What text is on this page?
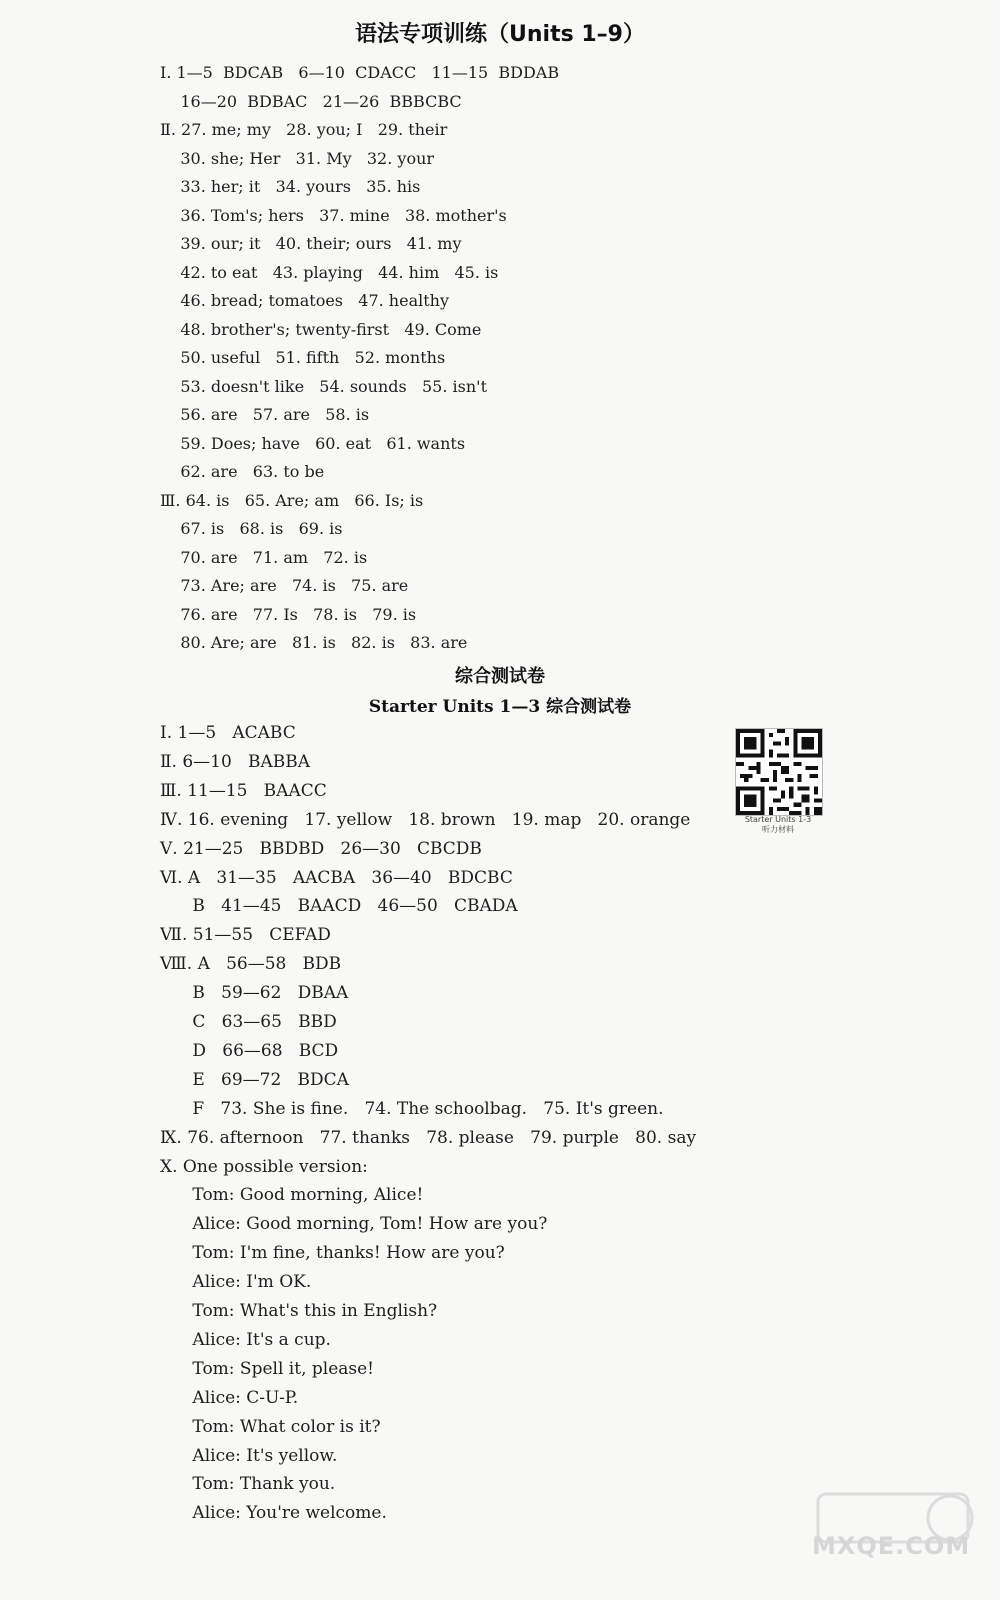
语法专项训练（Units 1–9）
Ⅰ. 1—5  BDCAB   6—10  CDACC   11—15  BDDAB
16—20  BDBAC   21—26  BBBCBC
Ⅱ. 27. me; my   28. you; I   29. their
30. she; Her   31. My   32. your
33. her; it   34. yours   35. his
36. Tom's; hers   37. mine   38. mother's
39. our; it   40. their; ours   41. my
42. to eat   43. playing   44. him   45. is
46. bread; tomatoes   47. healthy
48. brother's; twenty-first   49. Come
50. useful   51. fifth   52. months
53. doesn't like   54. sounds   55. isn't
56. are   57. are   58. is
59. Does; have   60. eat   61. wants
62. are   63. to be
Ⅲ. 64. is   65. Are; am   66. Is; is
67. is   68. is   69. is
70. are   71. am   72. is
73. Are; are   74. is   75. are
76. are   77. Is   78. is   79. is
80. Are; are   81. is   82. is   83. are
综合测试卷
Starter Units 1—3 综合测试卷
Starter Units 1-3
听力材料
Ⅰ. 1—5   ACABC
Ⅱ. 6—10   BABBA
Ⅲ. 11—15   BAACC
Ⅳ. 16. evening   17. yellow   18. brown   19. map   20. orange
Ⅴ. 21—25   BBDBD   26—30   CBCDB
Ⅵ. A   31—35   AACBA   36—40   BDCBC
B   41—45   BAACD   46—50   CBADA
Ⅶ. 51—55   CEFAD
Ⅷ. A   56—58   BDB
B   59—62   DBAA
C   63—65   BBD
D   66—68   BCD
E   69—72   BDCA
F   73. She is fine.   74. The schoolbag.   75. It's green.
Ⅸ. 76. afternoon   77. thanks   78. please   79. purple   80. say
Ⅹ. One possible version:
Tom: Good morning, Alice!
Alice: Good morning, Tom! How are you?
Tom: I'm fine, thanks! How are you?
Alice: I'm OK.
Tom: What's this in English?
Alice: It's a cup.
Tom: Spell it, please!
Alice: C-U-P.
Tom: What color is it?
Alice: It's yellow.
Tom: Thank you.
Alice: You're welcome.
MXQE.COM
